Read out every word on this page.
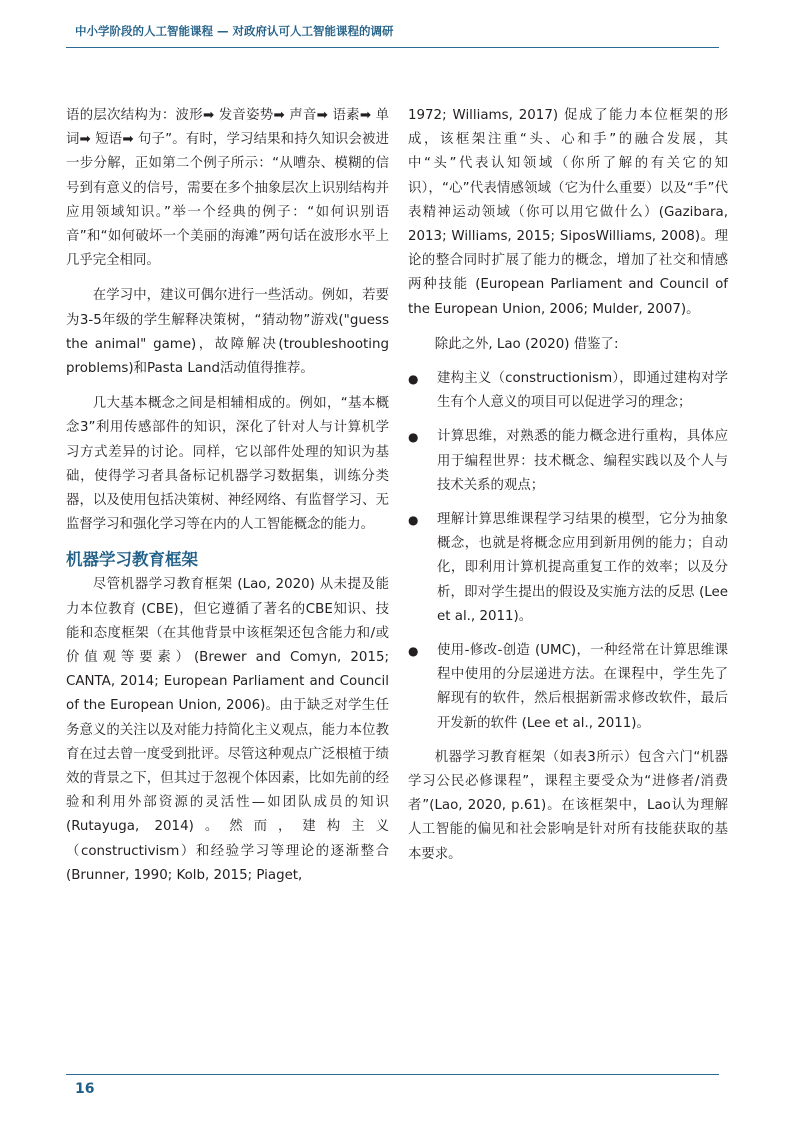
中小学阶段的人工智能课程 — 对政府认可人工智能课程的调研

语的层次结构为：波形➡ 发音姿势➡ 声音➡ 语素➡ 单词➡ 短语➡ 句子”。有时，学习结果和持久知识会被进一步分解，正如第二个例子所示：“从嘈杂、模糊的信号到有意义的信号，需要在多个抽象层次上识别结构并应用领域知识。”举一个经典的例子：“如何识别语音”和“如何破坏一个美丽的海滩”两句话在波形水平上几乎完全相同。

在学习中，建议可偶尔进行一些活动。例如，若要为3-5年级的学生解释决策树，“猜动物”游戏("guess the animal" game)，故障解决(troubleshooting problems)和Pasta Land活动值得推荐。

几大基本概念之间是相辅相成的。例如，“基本概念3”利用传感部件的知识，深化了针对人与计算机学习方式差异的讨论。同样，它以部件处理的知识为基础，使得学习者具备标记机器学习数据集，训练分类器，以及使用包括决策树、神经网络、有监督学习、无监督学习和强化学习等在内的人工智能概念的能力。

机器学习教育框架

尽管机器学习教育框架 (Lao, 2020) 从未提及能力本位教育 (CBE)，但它遵循了著名的CBE知识、技能和态度框架（在其他背景中该框架还包含能力和/或价值观等要素）(Brewer and Comyn, 2015; CANTA, 2014; European Parliament and Council of the European Union, 2006)。由于缺乏对学生任务意义的关注以及对能力持简化主义观点，能力本位教育在过去曾一度受到批评。尽管这种观点广泛根植于绩效的背景之下，但其过于忽视个体因素，比如先前的经验和利用外部资源的灵活性—如团队成员的知识 (Rutayuga, 2014)。然而，建构主义（constructivism）和经验学习等理论的逐渐整合 (Brunner, 1990; Kolb, 2015; Piaget,

1972; Williams, 2017) 促成了能力本位框架的形成，该框架注重“头、心和手”的融合发展，其中“头”代表认知领域（你所了解的有关它的知识），“心”代表情感领域（它为什么重要）以及“手”代表精神运动领域（你可以用它做什么）(Gazibara, 2013; Williams, 2015; SiposWilliams, 2008)。理论的整合同时扩展了能力的概念，增加了社交和情感两种技能 (European Parliament and Council of the European Union, 2006; Mulder, 2007)。

除此之外, Lao (2020) 借鉴了:

● 建构主义（constructionism），即通过建构对学生有个人意义的项目可以促进学习的理念；
● 计算思维，对熟悉的能力概念进行重构，具体应用于编程世界：技术概念、编程实践以及个人与技术关系的观点；
● 理解计算思维课程学习结果的模型，它分为抽象概念，也就是将概念应用到新用例的能力；自动化，即利用计算机提高重复工作的效率；以及分析，即对学生提出的假设及实施方法的反思 (Lee et al., 2011)。
● 使用-修改-创造 (UMC)，一种经常在计算思维课程中使用的分层递进方法。在课程中，学生先了解现有的软件，然后根据新需求修改软件，最后开发新的软件 (Lee et al., 2011)。

机器学习教育框架（如表3所示）包含六门“机器学习公民必修课程”，课程主要受众为“进修者/消费者”(Lao, 2020, p.61)。在该框架中，Lao认为理解人工智能的偏见和社会影响是针对所有技能获取的基本要求。

16
